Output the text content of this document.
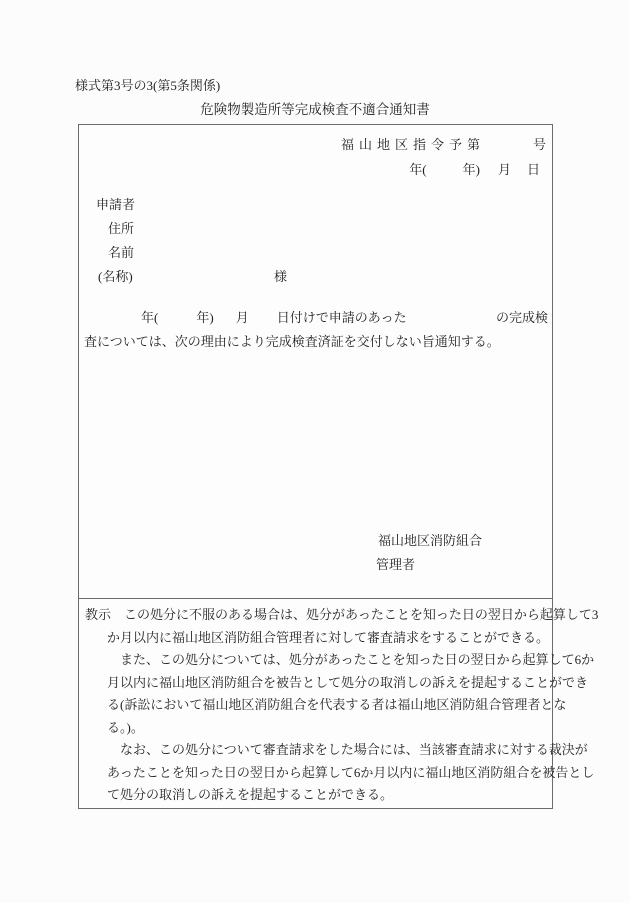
様式第3号の3(第5条関係)
危険物製造所等完成検査不適合通知書
福山地区指令予第	号
年(	年) 月 日
申請者
住所
名前
(名称)	様
年(	年) 月 日付けで申請のあった	の完成検
査については、次の理由により完成検査済証を交付しない旨通知する。
福山地区消防組合
管理者
教示　この処分に不服のある場合は、処分があったことを知った日の翌日から起算して3
か月以内に福山地区消防組合管理者に対して審査請求をすることができる。
また、この処分については、処分があったことを知った日の翌日から起算して6か
月以内に福山地区消防組合を被告として処分の取消しの訴えを提起することができ
る(訴訟において福山地区消防組合を代表する者は福山地区消防組合管理者とな
る。)。
なお、この処分について審査請求をした場合には、当該審査請求に対する裁決が
あったことを知った日の翌日から起算して6か月以内に福山地区消防組合を被告とし
て処分の取消しの訴えを提起することができる。
